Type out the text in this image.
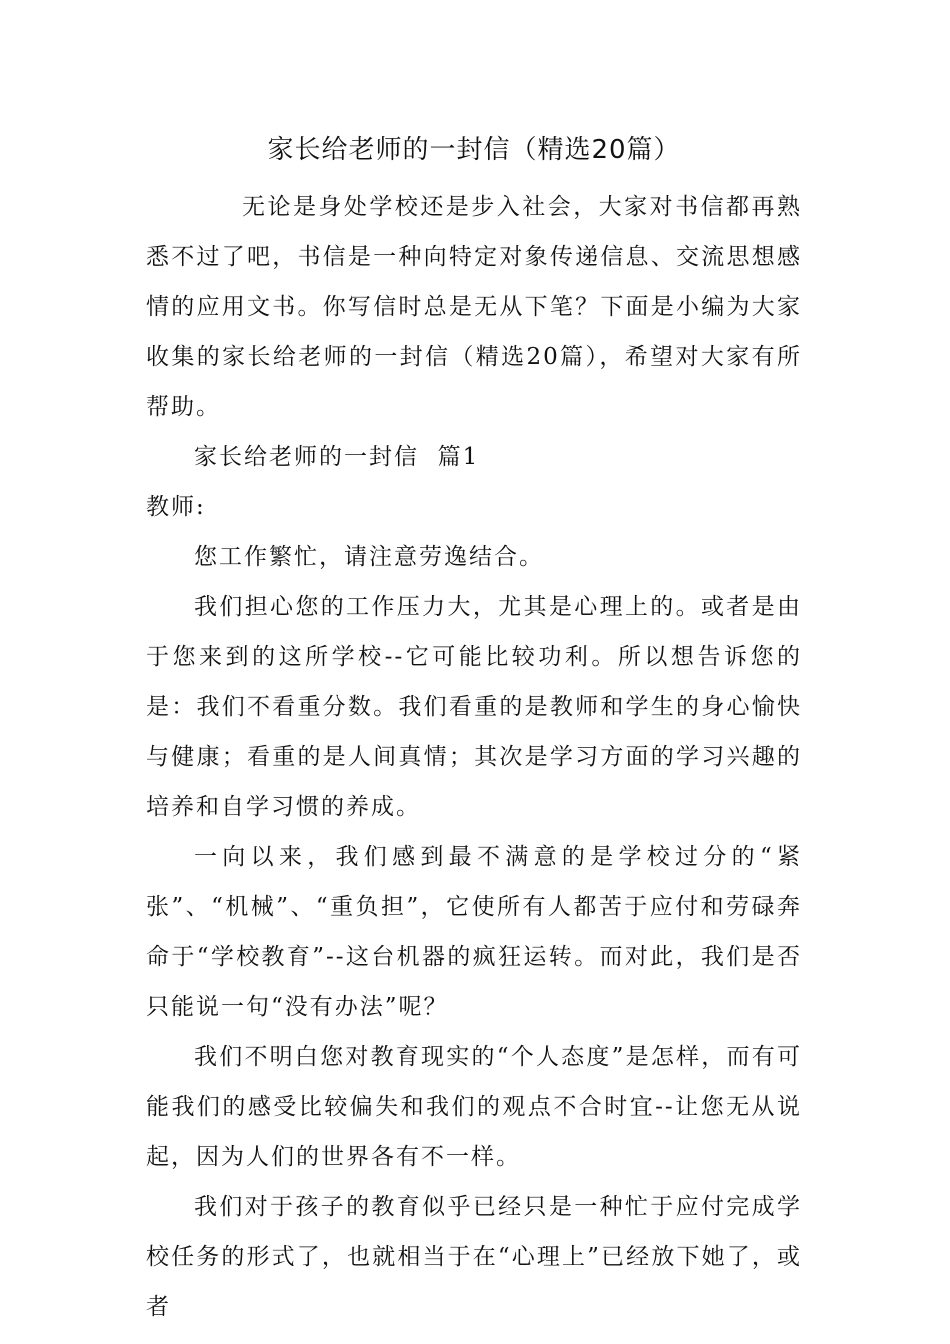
家长给老师的一封信（精选20篇）

无论是身处学校还是步入社会，大家对书信都再熟悉不过了吧，书信是一种向特定对象传递信息、交流思想感情的应用文书。你写信时总是无从下笔？下面是小编为大家收集的家长给老师的一封信（精选20篇），希望对大家有所帮助。

家长给老师的一封信  篇1

教师:

您工作繁忙，请注意劳逸结合。

我们担心您的工作压力大，尤其是心理上的。或者是由于您来到的这所学校--它可能比较功利。所以想告诉您的是：我们不看重分数。我们看重的是教师和学生的身心愉快与健康；看重的是人间真情；其次是学习方面的学习兴趣的培养和自学习惯的养成。

一向以来，我们感到最不满意的是学校过分的“紧张”、“机械”、“重负担”，它使所有人都苦于应付和劳碌奔命于“学校教育”--这台机器的疯狂运转。而对此，我们是否只能说一句“没有办法”呢？

我们不明白您对教育现实的“个人态度”是怎样，而有可能我们的感受比较偏失和我们的观点不合时宜--让您无从说起，因为人们的世界各有不一样。

我们对于孩子的教育似乎已经只是一种忙于应付完成学校任务的形式了，也就相当于在“心理上”已经放下她了，或者
